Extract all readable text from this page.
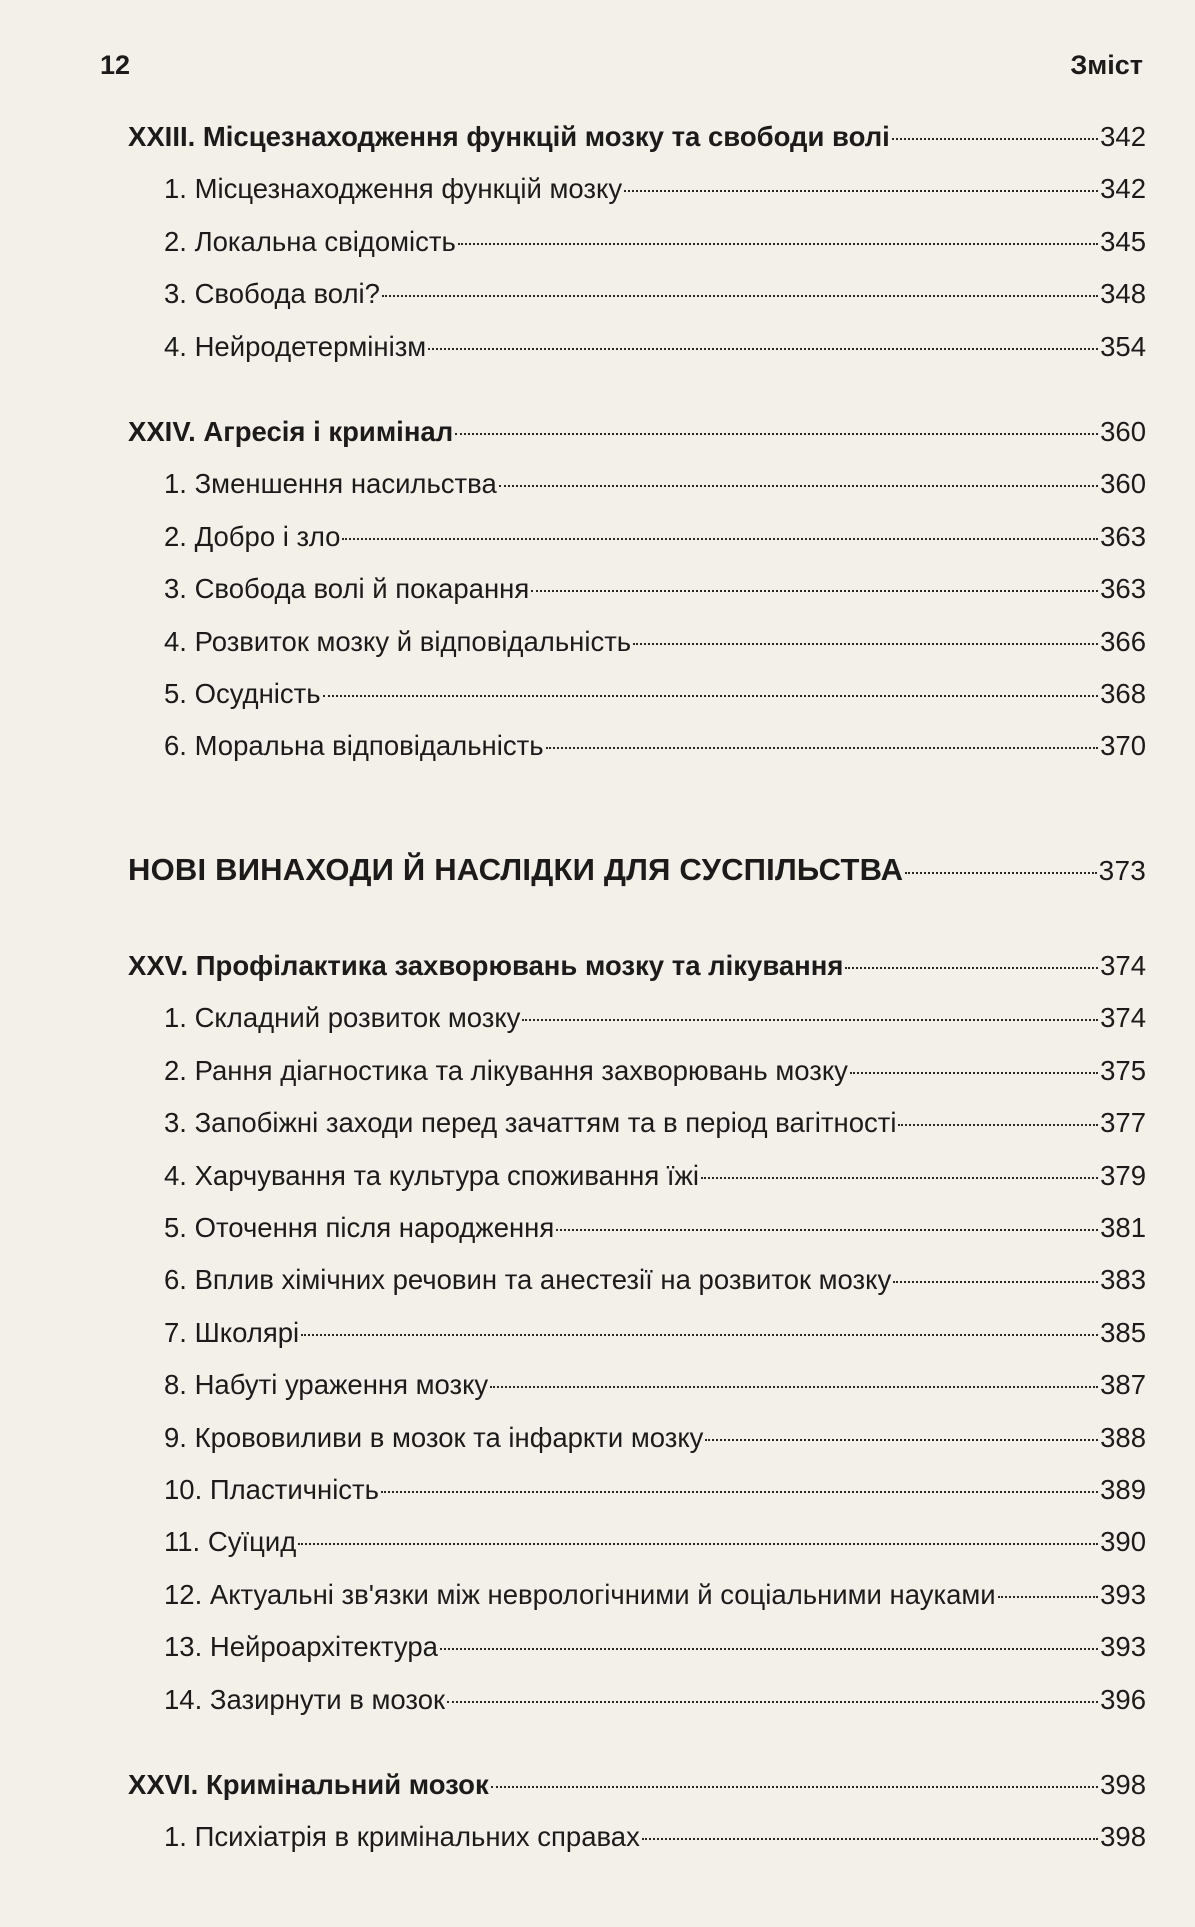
12	Зміст
XXIII. Місцезнаходження функцій мозку та свободи волі	342
1. Місцезнаходження функцій мозку	342
2. Локальна свідомість	345
3. Свобода волі?	348
4. Нейродетермінізм	354
XXIV. Агресія і кримінал	360
1. Зменшення насильства	360
2. Добро і зло	363
3. Свобода волі й покарання	363
4. Розвиток мозку й відповідальність	366
5. Осудність	368
6. Моральна відповідальність	370
НОВІ ВИНАХОДИ Й НАСЛІДКИ ДЛЯ СУСПІЛЬСТВА	373
XXV. Профілактика захворювань мозку та лікування	374
1. Складний розвиток мозку	374
2. Рання діагностика та лікування захворювань мозку	375
3. Запобіжні заходи перед зачаттям та в період вагітності	377
4. Харчування та культура споживання їжі	379
5. Оточення після народження	381
6. Вплив хімічних речовин та анестезії на розвиток мозку	383
7. Школярі	385
8. Набуті ураження мозку	387
9. Крововиливи в мозок та інфаркти мозку	388
10. Пластичність	389
11. Суїцид	390
12. Актуальні зв'язки між неврологічними й соціальними науками	393
13. Нейроархітектура	393
14. Зазирнути в мозок	396
XXVI. Кримінальний мозок	398
1. Психіатрія в кримінальних справах	398
